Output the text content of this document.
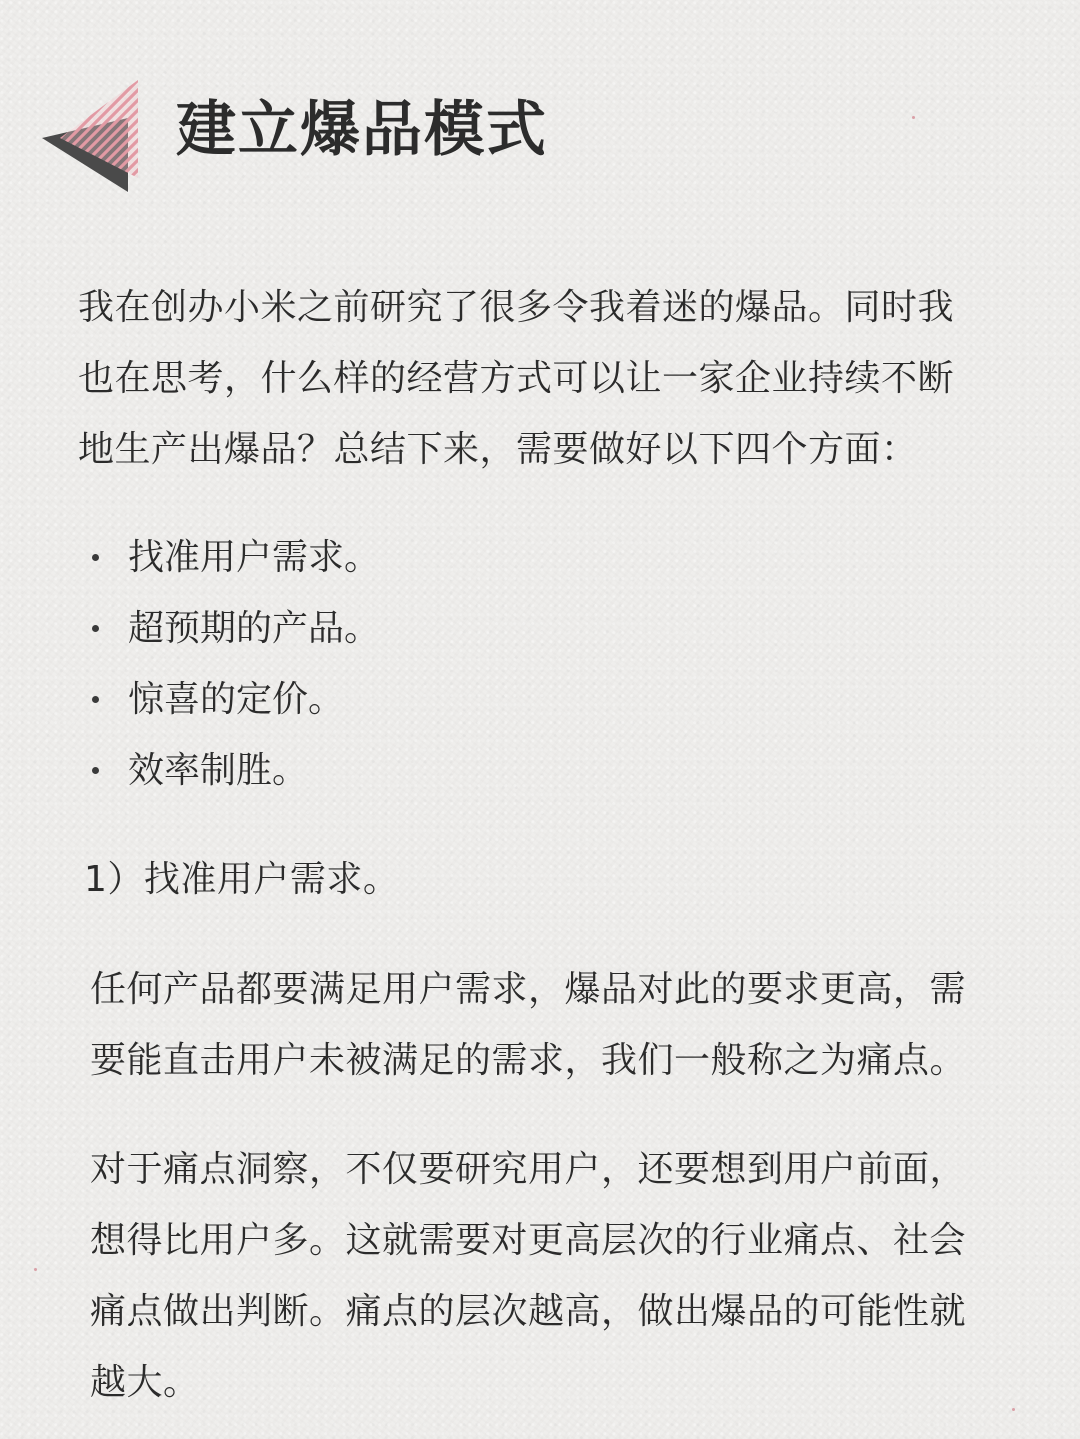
建立爆品模式

我在创办小米之前研究了很多令我着迷的爆品。同时我
也在思考，什么样的经营方式可以让一家企业持续不断
地生产出爆品？总结下来，需要做好以下四个方面：

找准用户需求。
超预期的产品。
惊喜的定价。
效率制胜。

1）找准用户需求。

任何产品都要满足用户需求，爆品对此的要求更高，需
要能直击用户未被满足的需求，我们一般称之为痛点。

对于痛点洞察，不仅要研究用户，还要想到用户前面，
想得比用户多。这就需要对更高层次的行业痛点、社会
痛点做出判断。痛点的层次越高，做出爆品的可能性就
越大。
